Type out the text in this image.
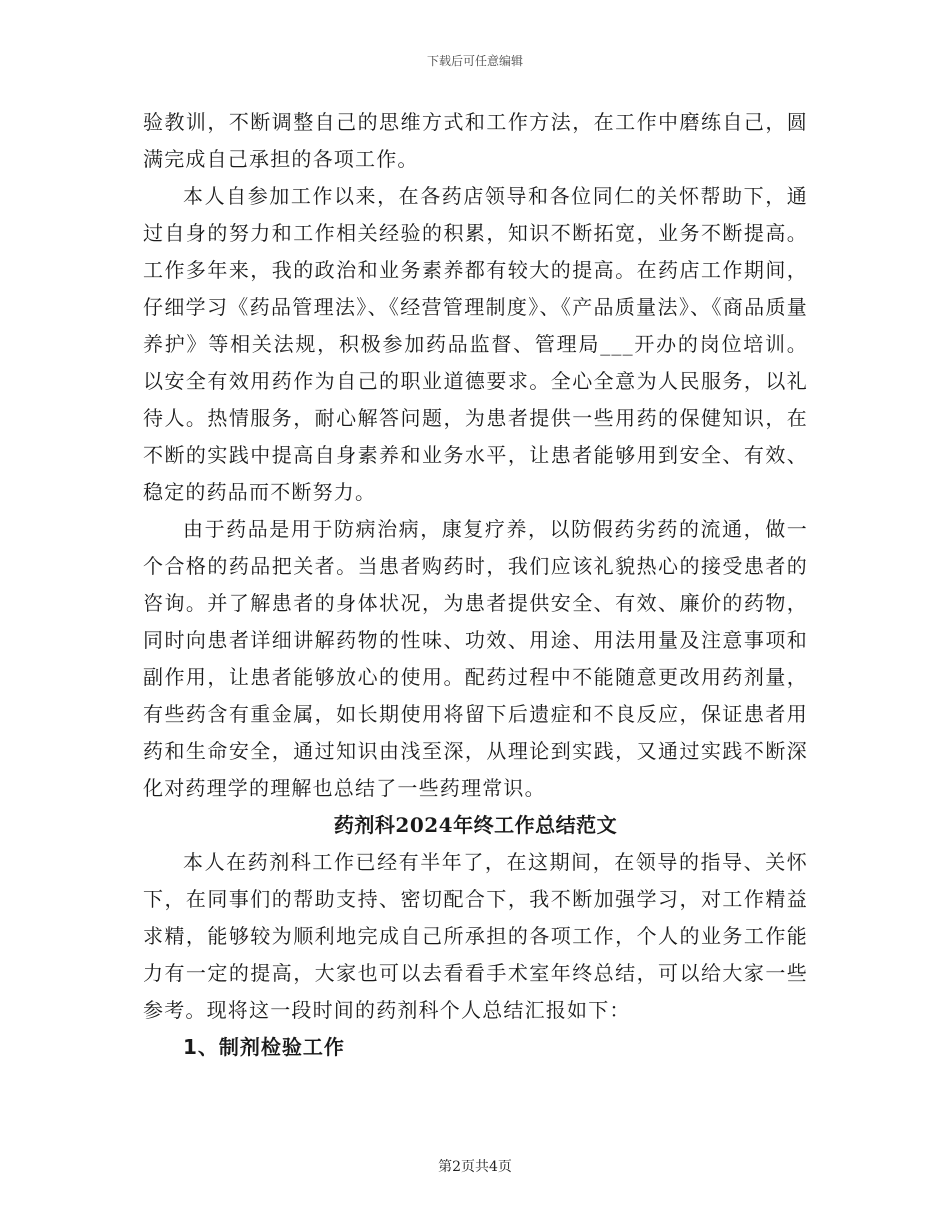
下载后可任意编辑

验教训，不断调整自己的思维方式和工作方法，在工作中磨练自己，圆满完成自己承担的各项工作。

本人自参加工作以来，在各药店领导和各位同仁的关怀帮助下，通过自身的努力和工作相关经验的积累，知识不断拓宽，业务不断提高。工作多年来，我的政治和业务素养都有较大的提高。在药店工作期间，仔细学习《药品管理法》、《经营管理制度》、《产品质量法》、《商品质量养护》等相关法规，积极参加药品监督、管理局___开办的岗位培训。以安全有效用药作为自己的职业道德要求。全心全意为人民服务，以礼待人。热情服务，耐心解答问题，为患者提供一些用药的保健知识，在不断的实践中提高自身素养和业务水平，让患者能够用到安全、有效、稳定的药品而不断努力。

由于药品是用于防病治病，康复疗养，以防假药劣药的流通，做一个合格的药品把关者。当患者购药时，我们应该礼貌热心的接受患者的咨询。并了解患者的身体状况，为患者提供安全、有效、廉价的药物，同时向患者详细讲解药物的性味、功效、用途、用法用量及注意事项和副作用，让患者能够放心的使用。配药过程中不能随意更改用药剂量，有些药含有重金属，如长期使用将留下后遗症和不良反应，保证患者用药和生命安全，通过知识由浅至深，从理论到实践，又通过实践不断深化对药理学的理解也总结了一些药理常识。

药剂科2024年终工作总结范文

本人在药剂科工作已经有半年了，在这期间，在领导的指导、关怀下，在同事们的帮助支持、密切配合下，我不断加强学习，对工作精益求精，能够较为顺利地完成自己所承担的各项工作，个人的业务工作能力有一定的提高，大家也可以去看看手术室年终总结，可以给大家一些参考。现将这一段时间的药剂科个人总结汇报如下：

1、制剂检验工作
第2页共4页
